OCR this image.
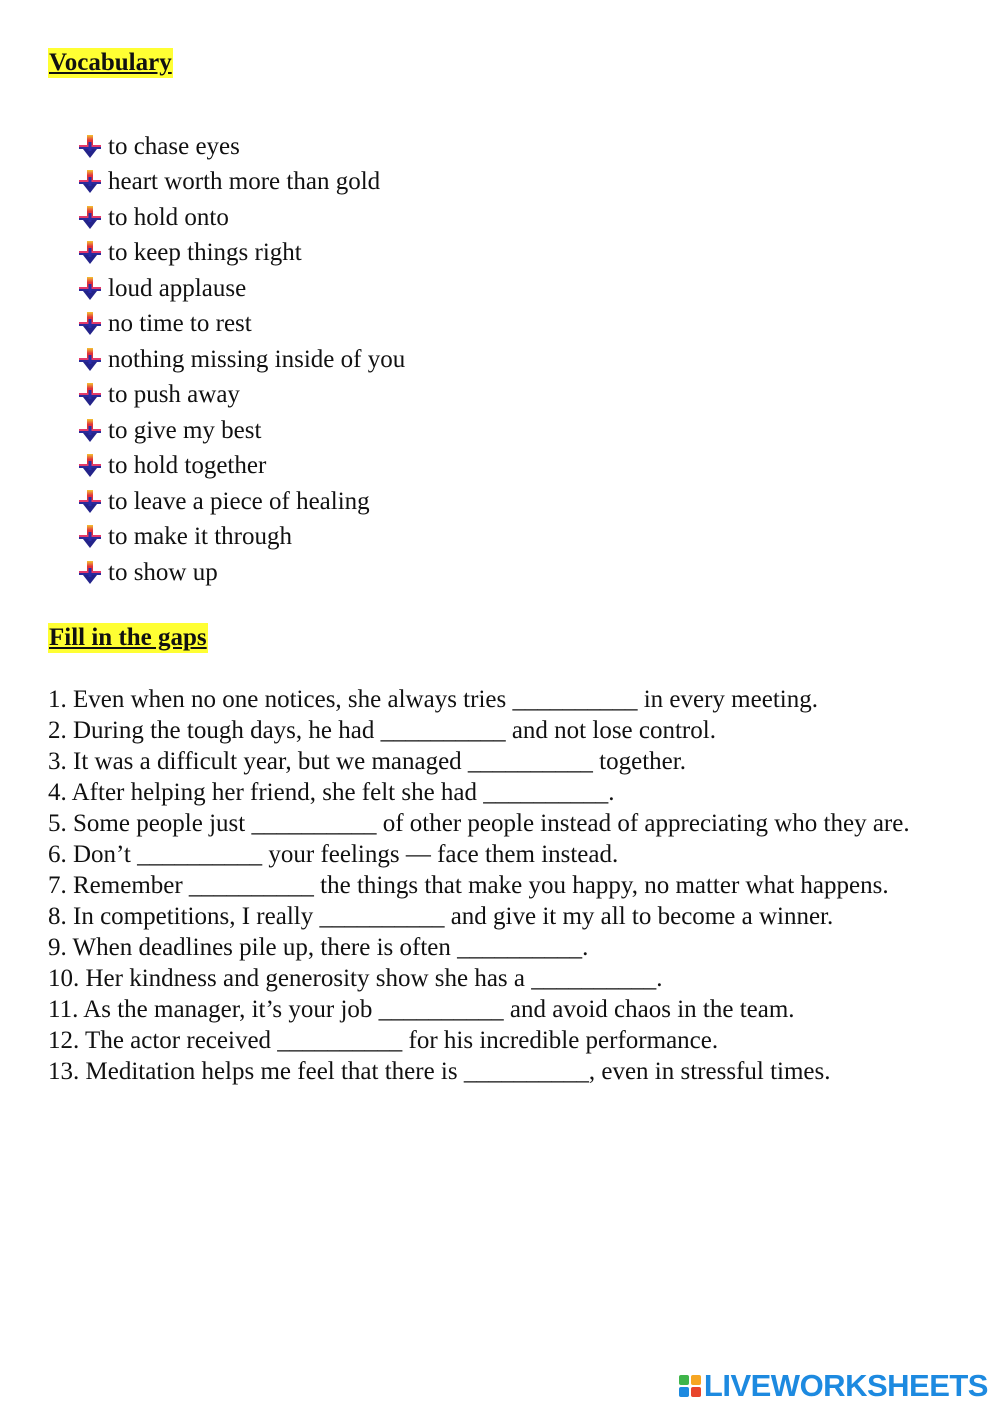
Vocabulary
to chase eyes
heart worth more than gold
to hold onto
to keep things right
loud applause
no time to rest
nothing missing inside of you
to push away
to give my best
to hold together
to leave a piece of healing
to make it through
to show up
Fill in the gaps
1. Even when no one notices, she always tries __________ in every meeting.
2. During the tough days, he had __________ and not lose control.
3. It was a difficult year, but we managed __________ together.
4. After helping her friend, she felt she had __________.
5. Some people just __________ of other people instead of appreciating who they are.
6. Don’t __________ your feelings — face them instead.
7. Remember __________ the things that make you happy, no matter what happens.
8. In competitions, I really __________ and give it my all to become a winner.
9. When deadlines pile up, there is often __________.
10. Her kindness and generosity show she has a __________.
11. As the manager, it’s your job __________ and avoid chaos in the team.
12. The actor received __________ for his incredible performance.
13. Meditation helps me feel that there is __________, even in stressful times.
LIVEWORKSHEETS
